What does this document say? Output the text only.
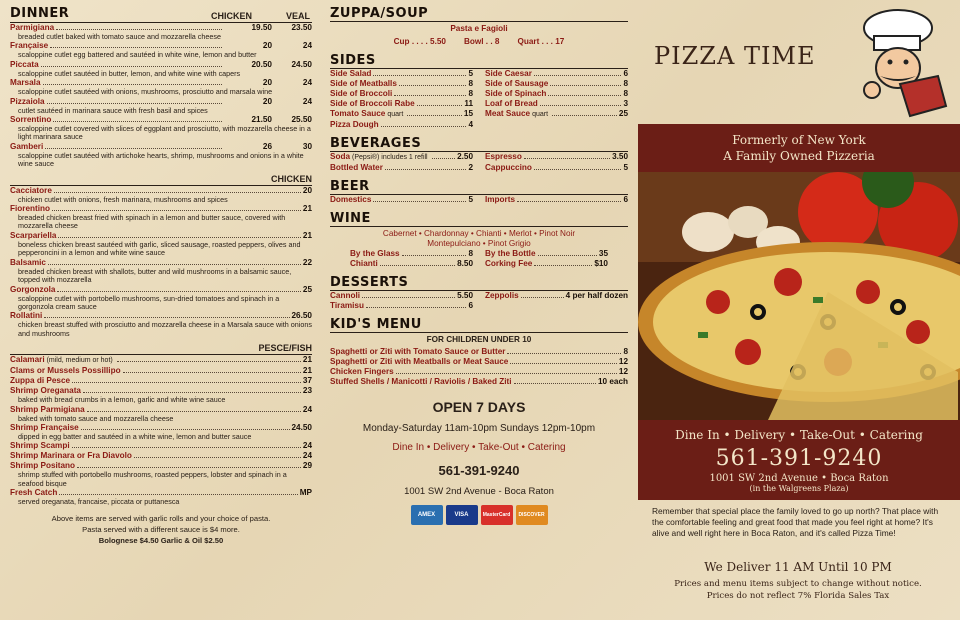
DINNER	CHICKEN	VEAL
Parmigiana	19.50	23.50
breaded cutlet baked with tomato sauce and mozzarella cheese
Française	20	24
scaloppine cutlet egg battered and sautéed in white wine, lemon and butter
Piccata	20.50	24.50
scaloppine cutlet sautéed in butter, lemon, and white wine with capers
Marsala	20	24
scaloppine cutlet sautéed with onions, mushrooms, prosciutto and marsala wine
Pizzaiola	20	24
cutlet sautéed in marinara sauce with fresh basil and spices
Sorrentino	21.50	25.50
scaloppine cutlet covered with slices of eggplant and prosciutto, with mozzarella cheese in a light marinara sauce
Gamberi	26	30
scaloppine cutlet sautéed with artichoke hearts, shrimp, mushrooms and onions in a white wine sauce
CHICKEN
Cacciatore	20
chicken cutlet with onions, fresh marinara, mushrooms and spices
Fiorentino	21
breaded chicken breast fried with spinach in a lemon and butter sauce, covered with mozzarella cheese
Scarpariella	21
boneless chicken breast sautéed with garlic, sliced sausage, roasted peppers, olives and pepperoncini in a lemon and white wine sauce
Balsamic	22
breaded chicken breast with shallots, butter and wild mushrooms in a balsamic sauce, topped with mozzarella
Gorgonzola	25
scaloppine cutlet with portobello mushrooms, sun-dried tomatoes and spinach in a gorgonzola cream sauce
Rollatini	26.50
chicken breast stuffed with prosciutto and mozzarella cheese in a Marsala sauce with onions and mushrooms
PESCE/FISH
Calamari (mild, medium or hot)	21
Clams or Mussels Possillipo	21
Zuppa di Pesce	37
Shrimp Oreganata	23
baked with bread crumbs in a lemon, garlic and white wine sauce
Shrimp Parmigiana	24
baked with tomato sauce and mozzarella cheese
Shrimp Française	24.50
dipped in egg batter and sautéed in a white wine, lemon and butter sauce
Shrimp Scampi	24
Shrimp Marinara or Fra Diavolo	24
Shrimp Positano	29
shrimp stuffed with portobello mushrooms, roasted peppers, lobster and spinach in a seafood bisque
Fresh Catch	MP
served oreganata, francaise, piccata or puttanesca
Above items are served with garlic rolls and your choice of pasta.
Pasta served with a different sauce is $4 more.
Bolognese $4.50 Garlic & Oil $2.50
ZUPPA/SOUP
Pasta e Fagioli
Cup . . . . 5.50 Bowl . . 8 Quart . . . 17
SIDES
Side Salad	5
Side of Meatballs	8
Side of Broccoli	8
Side of Broccoli Rabe	11
Tomato Sauce quart	15
Pizza Dough	4
Side Caesar	6
Side of Sausage	8
Side of Spinach	8
Loaf of Bread	3
Meat Sauce quart	25
BEVERAGES
Soda (Pepsi®) includes 1 refill	2.50 Espresso	3.50
Bottled Water	2 Cappuccino	5
BEER
Domestics	5 Imports	6
WINE
Cabernet • Chardonnay • Chianti • Merlot • Pinot Noir
Montepulciano • Pinot Grigio
By the Glass	8 By the Bottle	35
Chianti	8.50 Corking Fee	$10
DESSERTS
Cannoli	5.50 Zeppolis	4 per half dozen
Tiramisu	6
KID'S MENU
FOR CHILDREN UNDER 10
Spaghetti or Ziti with Tomato Sauce or Butter	8
Spaghetti or Ziti with Meatballs or Meat Sauce	12
Chicken Fingers	12
Stuffed Shells / Manicotti / Raviolis / Baked Ziti	10 each
OPEN 7 DAYS
Monday-Saturday 11am-10pm Sundays 12pm-10pm
Dine In • Delivery • Take-Out • Catering
561-391-9240
1001 SW 2nd Avenue - Boca Raton
AMEX	VISA	MasterCard	DISCOVER
PIZZA TIME
Formerly of New York
A Family Owned Pizzeria
Dine In • Delivery • Take-Out • Catering
561-391-9240
1001 SW 2nd Avenue • Boca Raton
(in the Walgreens Plaza)
Remember that special place the family loved to go up north? That place with the comfortable feeling and great food that made you feel right at home? It's alive and well right here in Boca Raton, and it's called Pizza Time!
We Deliver 11 AM Until 10 PM
Prices and menu items subject to change without notice.
Prices do not reflect 7% Florida Sales Tax
